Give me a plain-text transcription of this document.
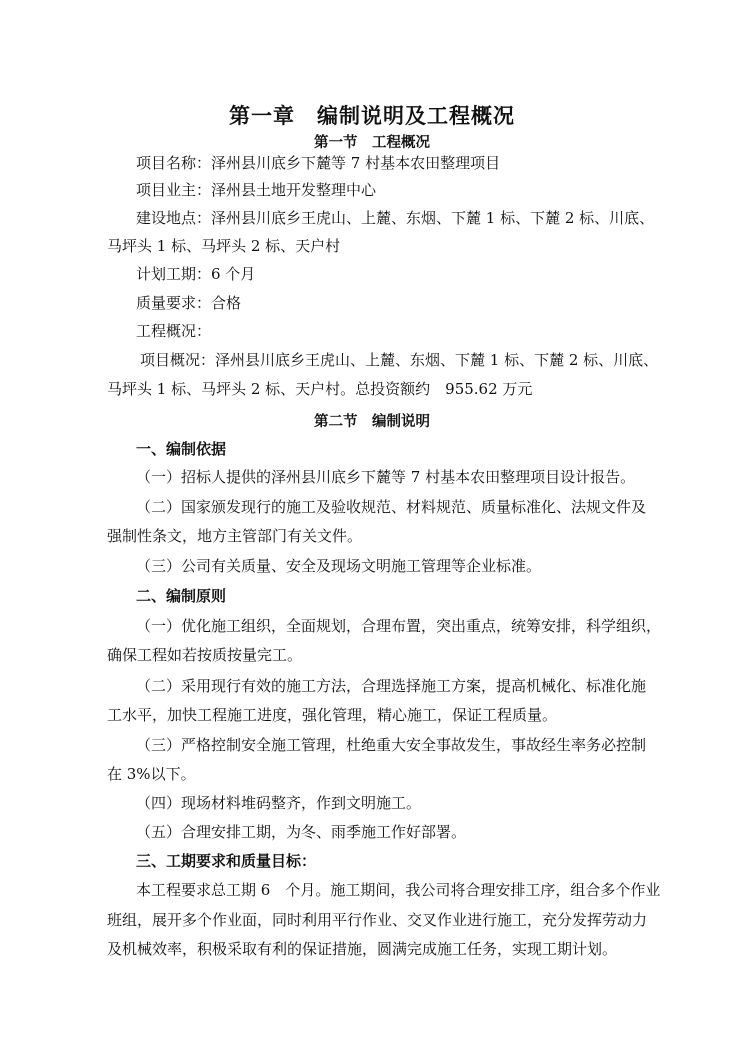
第一章　编制说明及工程概况
第一节　工程概况
项目名称：泽州县川底乡下麓等 7 村基本农田整理项目
项目业主：泽州县土地开发整理中心
建设地点：泽州县川底乡王虎山、上麓、东烟、下麓 1 标、下麓 2 标、川底、
马坪头 1 标、马坪头 2 标、天户村
计划工期：6 个月
质量要求：合格
工程概况：
项目概况：泽州县川底乡王虎山、上麓、东烟、下麓 1 标、下麓 2 标、川底、
马坪头 1 标、马坪头 2 标、天户村。总投资额约　955.62 万元
第二节　编制说明
一、编制依据
（一）招标人提供的泽州县川底乡下麓等 7 村基本农田整理项目设计报告。
（二）国家颁发现行的施工及验收规范、材料规范、质量标准化、法规文件及
强制性条文，地方主管部门有关文件。
（三）公司有关质量、安全及现场文明施工管理等企业标准。
二、编制原则
（一）优化施工组织，全面规划，合理布置，突出重点，统筹安排，科学组织，
确保工程如若按质按量完工。
（二）采用现行有效的施工方法，合理选择施工方案，提高机械化、标准化施
工水平，加快工程施工进度，强化管理，精心施工，保证工程质量。
（三）严格控制安全施工管理，杜绝重大安全事故发生，事故经生率务必控制
在 3%以下。
（四）现场材料堆码整齐，作到文明施工。
（五）合理安排工期，为冬、雨季施工作好部署。
三、工期要求和质量目标：
本工程要求总工期 6　个月。施工期间，我公司将合理安排工序，组合多个作业
班组，展开多个作业面，同时利用平行作业、交叉作业进行施工，充分发挥劳动力
及机械效率，积极采取有利的保证措施，圆满完成施工任务，实现工期计划。
